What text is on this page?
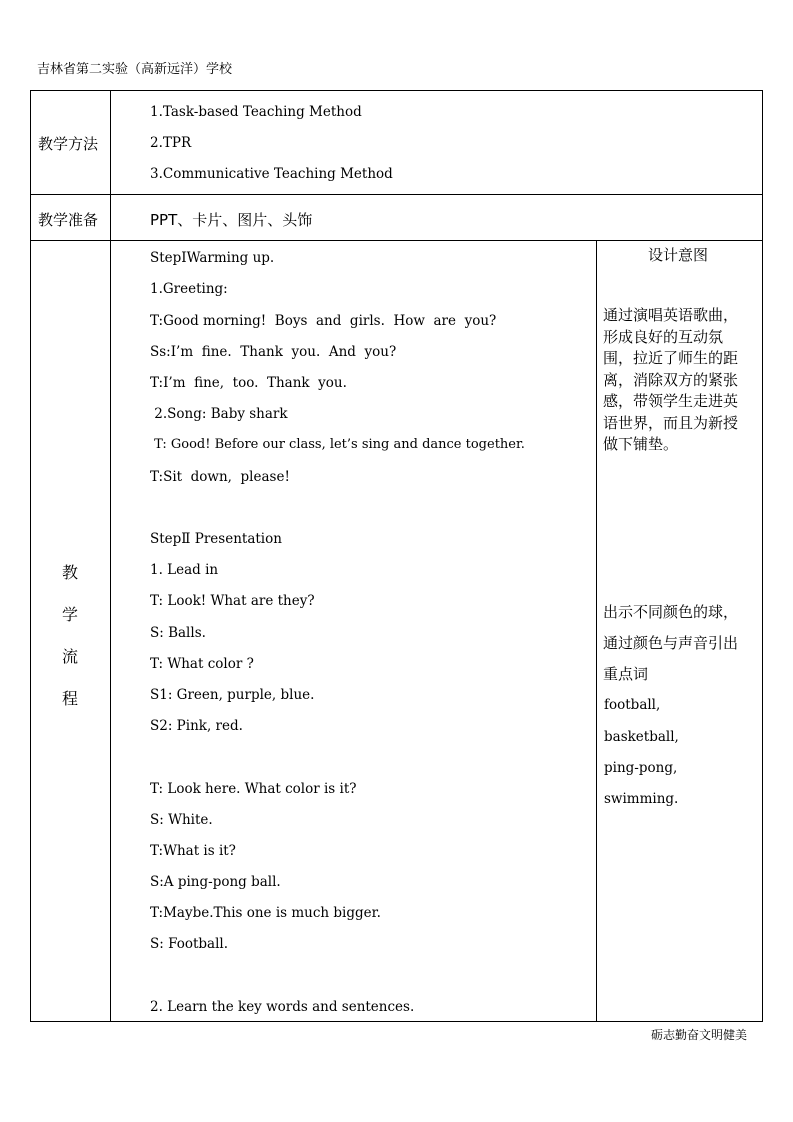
吉林省第二实验（高新远洋）学校
教学方法
1.Task-based Teaching Method
2.TPR
3.Communicative Teaching Method
教学准备	PPT、卡片、图片、头饰
教
学
流
程
StepⅠWarming up.
1.Greeting:
T:Good morning!  Boys  and  girls.  How  are  you?
Ss:I’m  fine.  Thank  you.  And  you?
T:I’m  fine,  too.  Thank  you.
2.Song: Baby shark
T: Good! Before our class, let’s sing and dance together.
T:Sit  down,  please!
StepⅡ Presentation
1. Lead in
T: Look! What are they?
S: Balls.
T: What color ?
S1: Green, purple, blue.
S2: Pink, red.
T: Look here. What color is it?
S: White.
T:What is it?
S:A ping-pong ball.
T:Maybe.This one is much bigger.
S: Football.
2. Learn the key words and sentences.
设计意图
通过演唱英语歌曲，形成良好的互动氛围，拉近了师生的距离，消除双方的紧张感，带领学生走进英语世界，而且为新授做下铺垫。
出示不同颜色的球，
通过颜色与声音引出
重点词
football,
basketball,
ping-pong,
swimming.
砺志勤奋文明健美
